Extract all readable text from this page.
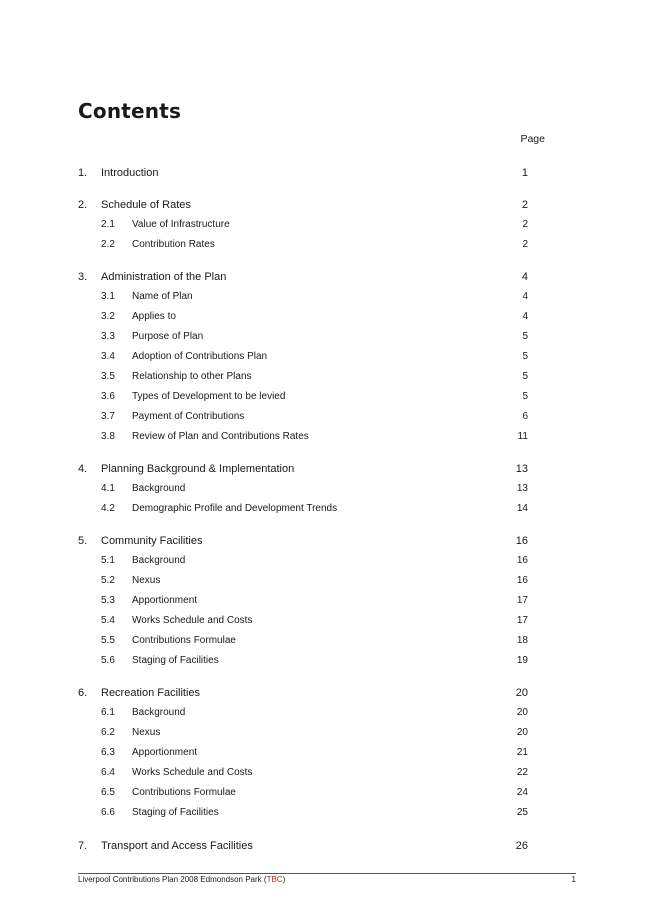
Contents
Page
1. Introduction	1
2. Schedule of Rates	2
2.1 Value of Infrastructure	2
2.2 Contribution Rates	2
3. Administration of the Plan	4
3.1 Name of Plan	4
3.2 Applies to	4
3.3 Purpose of Plan	5
3.4 Adoption of Contributions Plan	5
3.5 Relationship to other Plans	5
3.6 Types of Development to be levied	5
3.7 Payment of Contributions	6
3.8 Review of Plan and Contributions Rates	11
4. Planning Background & Implementation	13
4.1 Background	13
4.2 Demographic Profile and Development Trends	14
5. Community Facilities	16
5.1 Background	16
5.2 Nexus	16
5.3 Apportionment	17
5.4 Works Schedule and Costs	17
5.5 Contributions Formulae	18
5.6 Staging of Facilities	19
6. Recreation Facilities	20
6.1 Background	20
6.2 Nexus	20
6.3 Apportionment	21
6.4 Works Schedule and Costs	22
6.5 Contributions Formulae	24
6.6 Staging of Facilities	25
7. Transport and Access Facilities	26
Liverpool Contributions Plan 2008 Edmondson Park (TBC)	1
